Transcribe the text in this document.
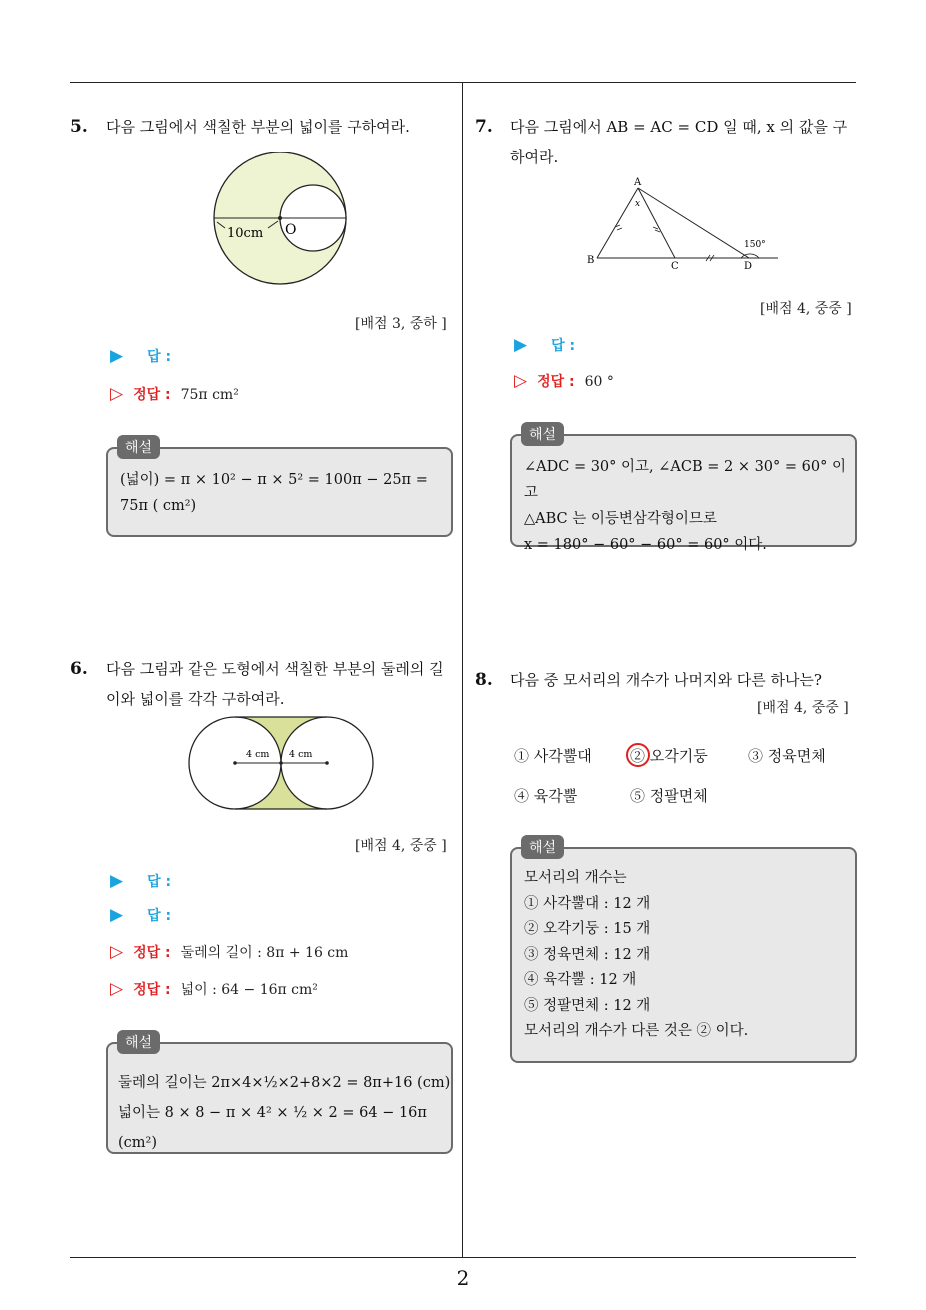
2
5. 다음 그림에서 색칠한 부분의 넓이를 구하여라.
10cm O
[배점 3, 중하 ]
▶ 답 :
▷ 정답 : 75π cm²
(넓이) = π × 10² − π × 5² = 100π − 25π =
75π ( cm²)
해설
6. 다음 그림과 같은 도형에서 색칠한 부분의 둘레의 길
이와 넓이를 각각 구하여라.
4 cm 4 cm
[배점 4, 중중 ]
▶ 답 :
▶ 답 :
▷ 정답 : 둘레의 길이 : 8π + 16 cm
▷ 정답 : 넓이 : 64 − 16π cm²
둘레의 길이는 2π×4×½×2+8×2 = 8π+16 (cm)
넓이는 8 × 8 − π × 4² × ½ × 2 = 64 − 16π (cm²)
해설
7. 다음 그림에서 AB = AC = CD 일 때, x 의 값을 구
하여라.
A
B
C	D
x
150°
[배점 4, 중중 ]
▶ 답 :
▷ 정답 : 60 °
∠ADC = 30° 이고, ∠ACB = 2 × 30° = 60° 이고
△ABC 는 이등변삼각형이므로
x = 180° − 60° − 60° = 60° 이다.
해설
8. 다음 중 모서리의 개수가 나머지와 다른 하나는?
[배점 4, 중중 ]
① 사각뿔대	② 오각기둥	③ 정육면체
④ 육각뿔	⑤ 정팔면체
모서리의 개수는
① 사각뿔대 : 12 개
② 오각기둥 : 15 개
③ 정육면체 : 12 개
④ 육각뿔 : 12 개
⑤ 정팔면체 : 12 개
모서리의 개수가 다른 것은 ② 이다.
해설
